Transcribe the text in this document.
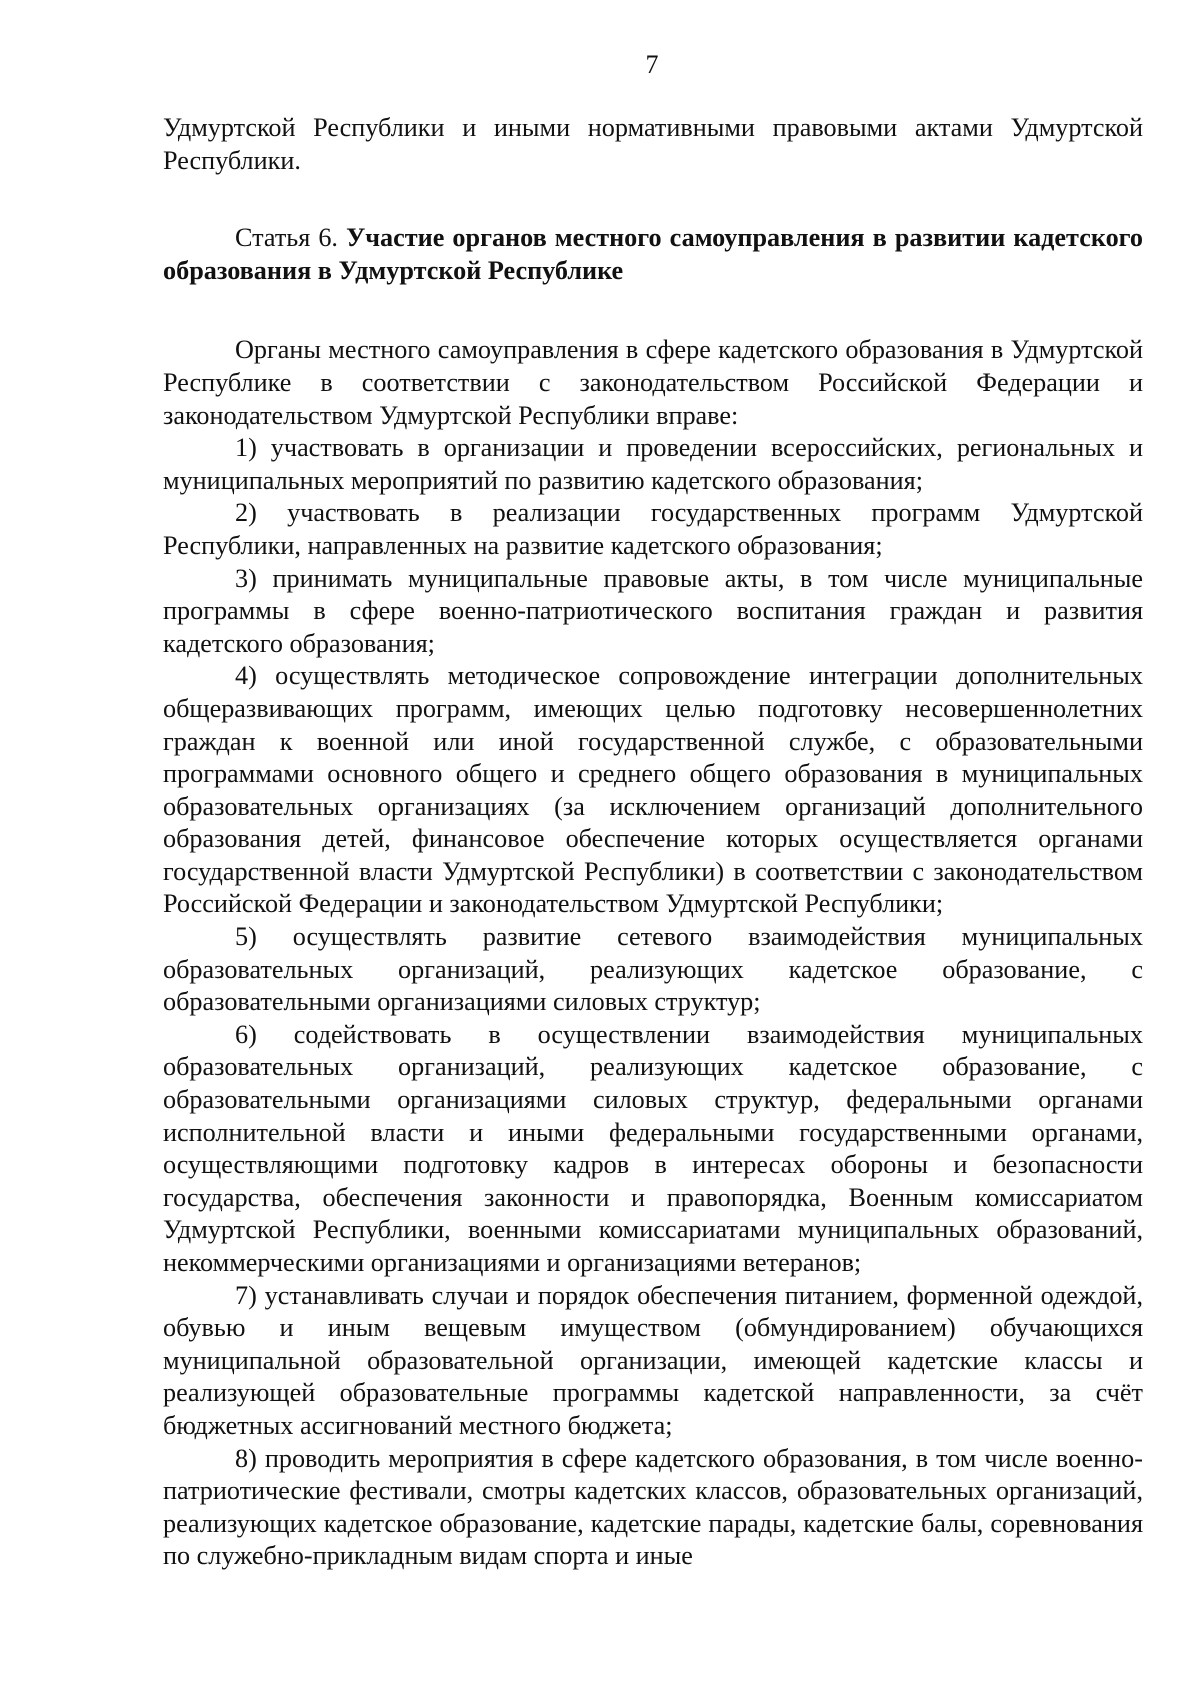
7

Удмуртской Республики и иными нормативными правовыми актами Удмуртской Республики.

Статья 6. Участие органов местного самоуправления в развитии кадетского образования в Удмуртской Республике

Органы местного самоуправления в сфере кадетского образования в Удмуртской Республике в соответствии с законодательством Российской Федерации и законодательством Удмуртской Республики вправе:

1) участвовать в организации и проведении всероссийских, региональных и муниципальных мероприятий по развитию кадетского образования;

2) участвовать в реализации государственных программ Удмуртской Республики, направленных на развитие кадетского образования;

3) принимать муниципальные правовые акты, в том числе муниципальные программы в сфере военно-патриотического воспитания граждан и развития кадетского образования;

4) осуществлять методическое сопровождение интеграции дополнительных общеразвивающих программ, имеющих целью подготовку несовершеннолетних граждан к военной или иной государственной службе, с образовательными программами основного общего и среднего общего образования в муниципальных образовательных организациях (за исключением организаций дополнительного образования детей, финансовое обеспечение которых осуществляется органами государственной власти Удмуртской Республики) в соответствии с законодательством Российской Федерации и законодательством Удмуртской Республики;

5) осуществлять развитие сетевого взаимодействия муниципальных образовательных организаций, реализующих кадетское образование, с образовательными организациями силовых структур;

6) содействовать в осуществлении взаимодействия муниципальных образовательных организаций, реализующих кадетское образование, с образовательными организациями силовых структур, федеральными органами исполнительной власти и иными федеральными государственными органами, осуществляющими подготовку кадров в интересах обороны и безопасности государства, обеспечения законности и правопорядка, Военным комиссариатом Удмуртской Республики, военными комиссариатами муниципальных образований, некоммерческими организациями и организациями ветеранов;

7) устанавливать случаи и порядок обеспечения питанием, форменной одеждой, обувью и иным вещевым имуществом (обмундированием) обучающихся муниципальной образовательной организации, имеющей кадетские классы и реализующей образовательные программы кадетской направленности, за счёт бюджетных ассигнований местного бюджета;

8) проводить мероприятия в сфере кадетского образования, в том числе военно-патриотические фестивали, смотры кадетских классов, образовательных организаций, реализующих кадетское образование, кадетские парады, кадетские балы, соревнования по служебно-прикладным видам спорта и иные
